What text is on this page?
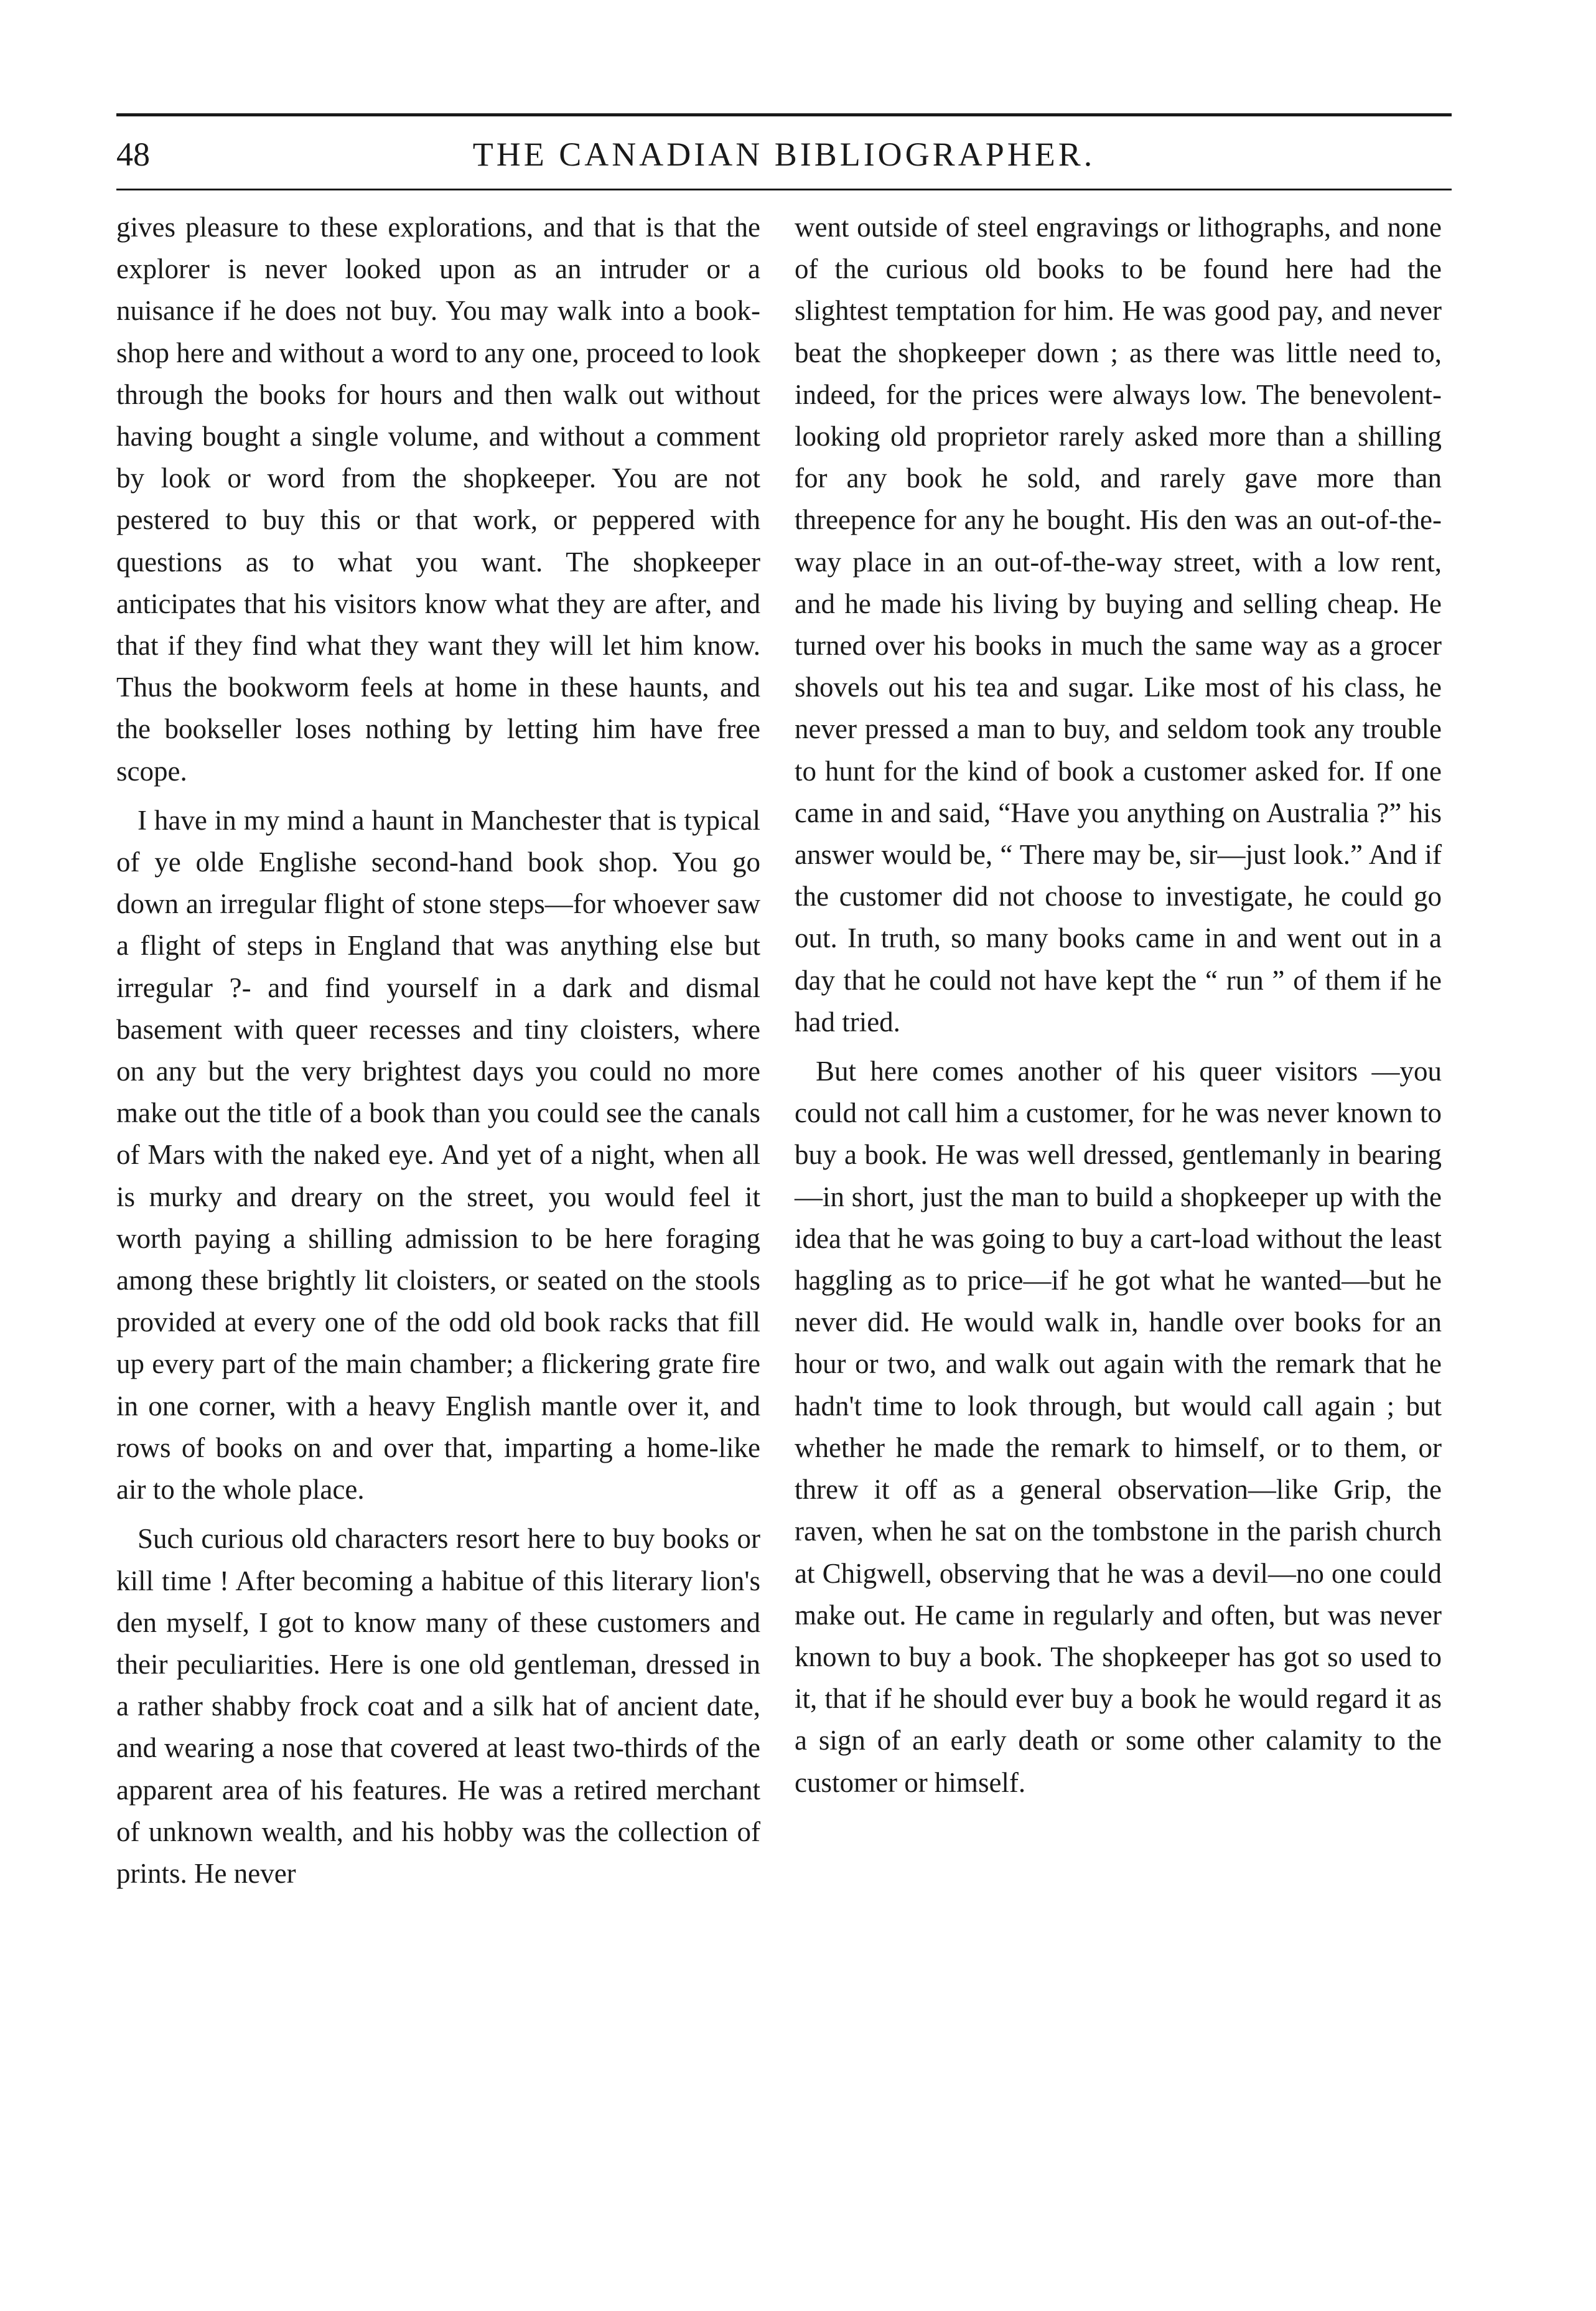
48	THE CANADIAN BIBLIOGRAPHER.

gives pleasure to these explorations, and that is that the explorer is never looked upon as an intruder or a nuisance if he does not buy. You may walk into a book-shop here and without a word to any one, proceed to look through the books for hours and then walk out without having bought a single volume, and without a comment by look or word from the shopkeeper. You are not pestered to buy this or that work, or peppered with questions as to what you want. The shopkeeper anticipates that his visitors know what they are after, and that if they find what they want they will let him know. Thus the bookworm feels at home in these haunts, and the bookseller loses nothing by letting him have free scope.

I have in my mind a haunt in Manchester that is typical of ye olde Englishe second-hand book shop. You go down an irregular flight of stone steps—for whoever saw a flight of steps in England that was anything else but irregular ?- and find yourself in a dark and dismal basement with queer recesses and tiny cloisters, where on any but the very brightest days you could no more make out the title of a book than you could see the canals of Mars with the naked eye. And yet of a night, when all is murky and dreary on the street, you would feel it worth paying a shilling admission to be here foraging among these brightly lit cloisters, or seated on the stools provided at every one of the odd old book racks that fill up every part of the main chamber; a flickering grate fire in one corner, with a heavy English mantle over it, and rows of books on and over that, imparting a home-like air to the whole place.

Such curious old characters resort here to buy books or kill time ! After becoming a habitue of this literary lion's den myself, I got to know many of these customers and their peculiarities. Here is one old gentleman, dressed in a rather shabby frock coat and a silk hat of ancient date, and wearing a nose that covered at least two-thirds of the apparent area of his features. He was a retired merchant of unknown wealth, and his hobby was the collection of prints. He never

went outside of steel engravings or lithographs, and none of the curious old books to be found here had the slightest temptation for him. He was good pay, and never beat the shopkeeper down ; as there was little need to, indeed, for the prices were always low. The benevolent-looking old proprietor rarely asked more than a shilling for any book he sold, and rarely gave more than threepence for any he bought. His den was an out-of-the-way place in an out-of-the-way street, with a low rent, and he made his living by buying and selling cheap. He turned over his books in much the same way as a grocer shovels out his tea and sugar. Like most of his class, he never pressed a man to buy, and seldom took any trouble to hunt for the kind of book a customer asked for. If one came in and said, “Have you anything on Australia ?” his answer would be, “ There may be, sir—just look.” And if the customer did not choose to investigate, he could go out. In truth, so many books came in and went out in a day that he could not have kept the “ run ” of them if he had tried.

But here comes another of his queer visitors —you could not call him a customer, for he was never known to buy a book. He was well dressed, gentlemanly in bearing—in short, just the man to build a shopkeeper up with the idea that he was going to buy a cart-load without the least haggling as to price—if he got what he wanted—but he never did. He would walk in, handle over books for an hour or two, and walk out again with the remark that he hadn't time to look through, but would call again ; but whether he made the remark to himself, or to them, or threw it off as a general observation—like Grip, the raven, when he sat on the tombstone in the parish church at Chigwell, observing that he was a devil—no one could make out. He came in regularly and often, but was never known to buy a book. The shopkeeper has got so used to it, that if he should ever buy a book he would regard it as a sign of an early death or some other calamity to the customer or himself.
